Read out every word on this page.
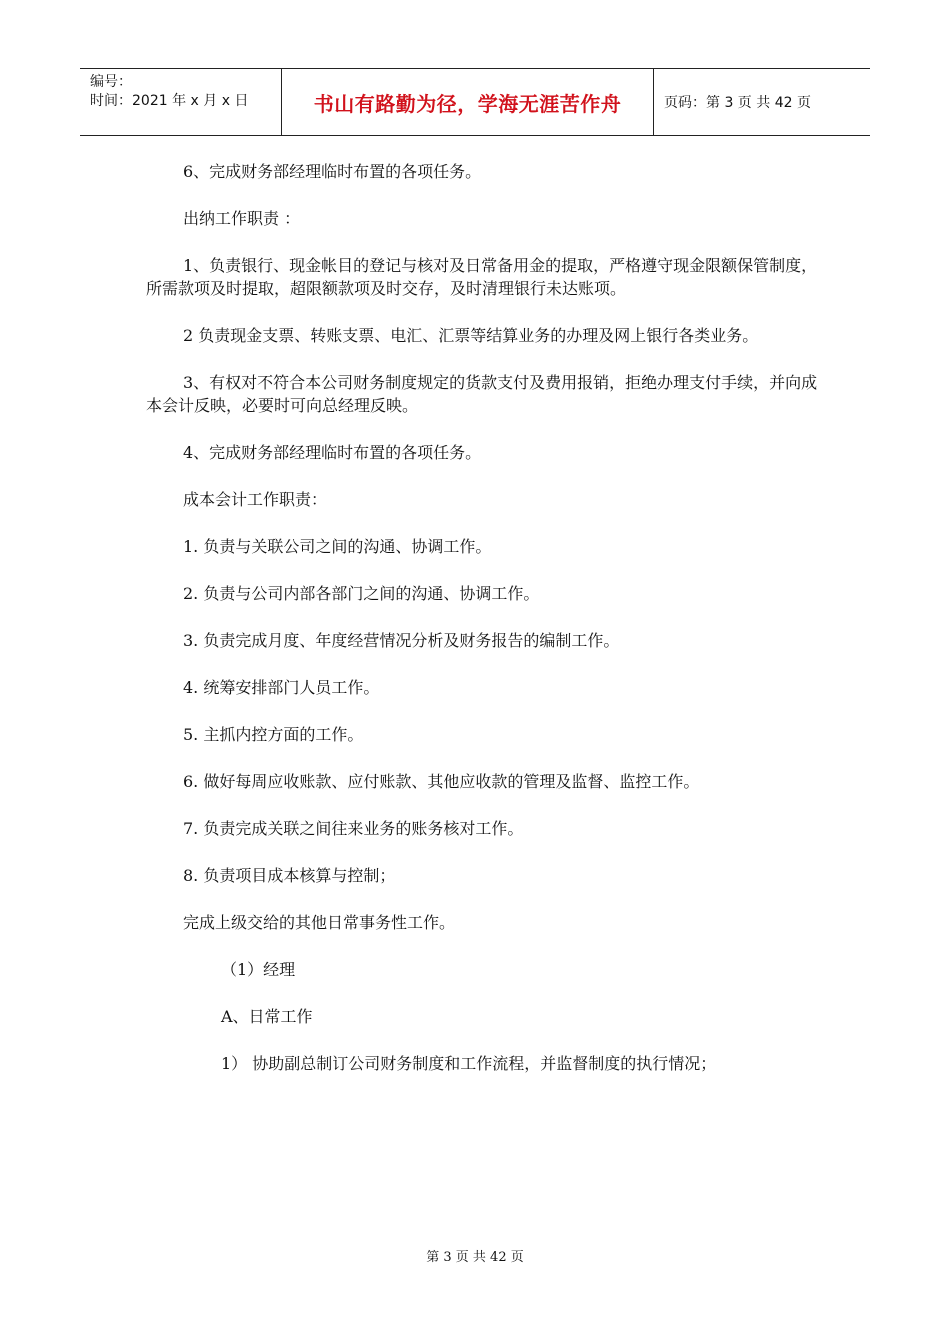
编号：
时间：2021 年 x 月 x 日	书山有路勤为径，学海无涯苦作舟	页码：第 3 页 共 42 页

6、完成财务部经理临时布置的各项任务。

出纳工作职责 ：

1、负责银行、现金帐目的登记与核对及日常备用金的提取，严格遵守现金限额保管制度，所需款项及时提取，超限额款项及时交存，及时清理银行未达账项。

2 负责现金支票、转账支票、电汇、汇票等结算业务的办理及网上银行各类业务。

3、有权对不符合本公司财务制度规定的货款支付及费用报销，拒绝办理支付手续，并向成本会计反映，必要时可向总经理反映。

4、完成财务部经理临时布置的各项任务。

成本会计工作职责：

1. 负责与关联公司之间的沟通、协调工作。

2. 负责与公司内部各部门之间的沟通、协调工作。

3. 负责完成月度、年度经营情况分析及财务报告的编制工作。

4. 统筹安排部门人员工作。

5. 主抓内控方面的工作。

6. 做好每周应收账款、应付账款、其他应收款的管理及监督、监控工作。

7. 负责完成关联之间往来业务的账务核对工作。

8. 负责项目成本核算与控制；

完成上级交给的其他日常事务性工作。

（1）经理

A、日常工作

1） 协助副总制订公司财务制度和工作流程，并监督制度的执行情况；

第 3 页 共 42 页
